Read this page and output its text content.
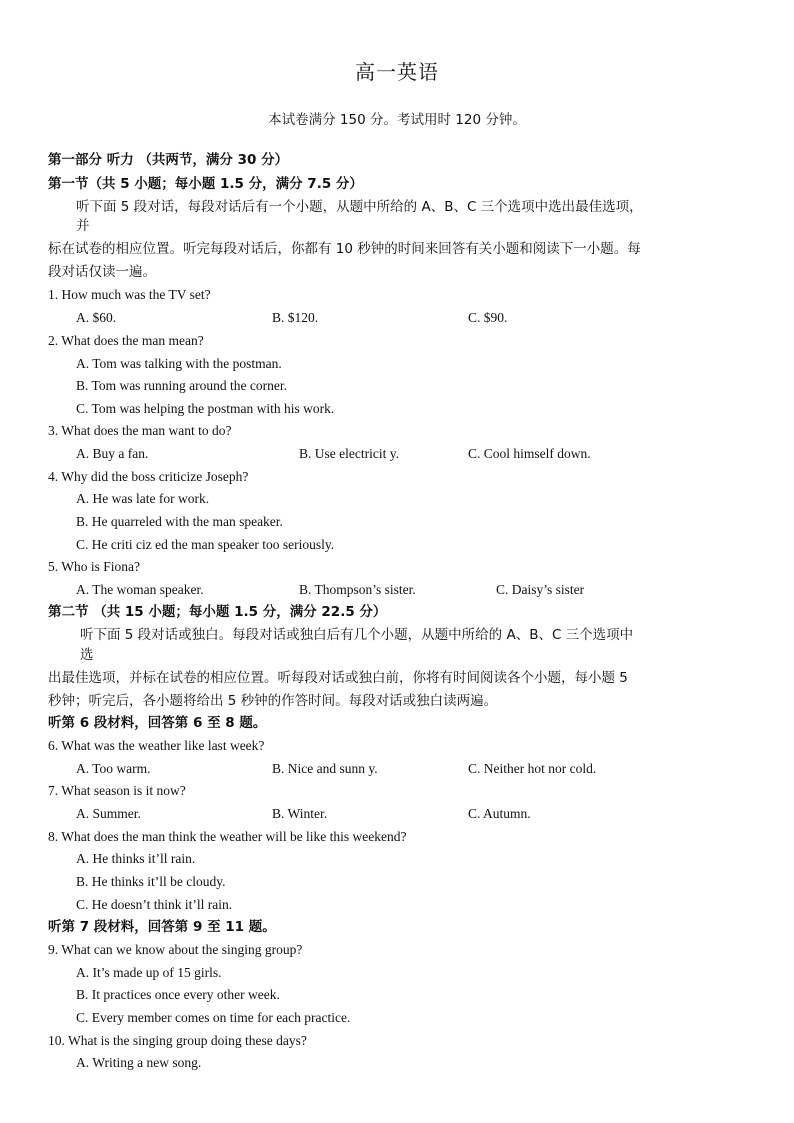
高一英语
本试卷满分 150 分。考试用时 120 分钟。
第一部分 听力 （共两节，满分 30 分）
第一节（共 5 小题；每小题 1.5 分，满分 7.5 分）
听下面 5 段对话，每段对话后有一个小题，从题中所给的 A、B、C 三个选项中选出最佳选项，
并
标在试卷的相应位置。听完每段对话后，你都有 10 秒钟的时间来回答有关小题和阅读下一小题。每
段对话仅读一遍。
1. How much was the TV set?
A. $60.	B. $120.	C. $90.
2. What does the man mean?
A. Tom was talking with the postman.
B. Tom was running around the corner.
C. Tom was helping the postman with his work.
3. What does the man want to do?
A. Buy a fan.	B. Use electricit y.	C. Cool himself down.
4. Why did the boss criticize Joseph?
A. He was late for work.
B. He quarreled with the man speaker.
C. He criti ciz ed the man speaker too seriously.
5. Who is Fiona?
A. The woman speaker.	B. Thompson’s sister.	C. Daisy’s sister
第二节 （共 15 小题；每小题 1.5 分，满分 22.5 分）
听下面 5 段对话或独白。每段对话或独白后有几个小题，从题中所给的 A、B、C 三个选项中
选
出最佳选项，并标在试卷的相应位置。听每段对话或独白前，你将有时间阅读各个小题，每小题 5
秒钟；听完后，各小题将给出 5 秒钟的作答时间。每段对话或独白读两遍。
听第 6 段材料，回答第 6 至 8 题。
6. What was the weather like last week?
A. Too warm.	B. Nice and sunn y.	C. Neither hot nor cold.
7. What season is it now?
A. Summer.	B. Winter.	C. Autumn.
8. What does the man think the weather will be like this weekend?
A. He thinks it’ll rain.
B. He thinks it’ll be cloudy.
C. He doesn’t think it’ll rain.
听第 7 段材料，回答第 9 至 11 题。
9. What can we know about the singing group?
A. It’s made up of 15 girls.
B. It practices once every other week.
C. Every member comes on time for each practice.
10. What is the singing group doing these days?
A. Writing a new song.
